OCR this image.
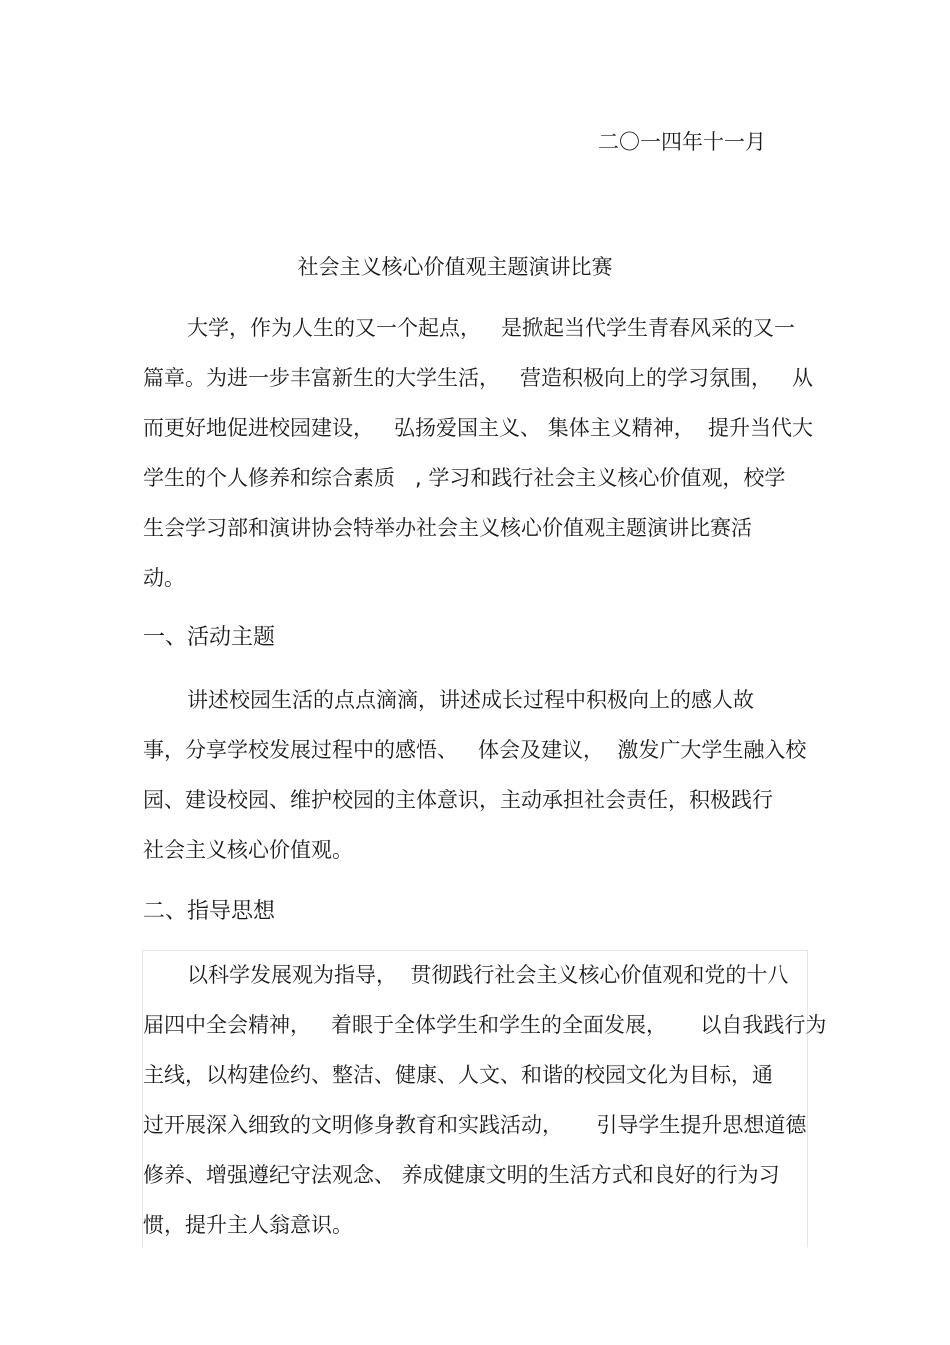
二〇一四年十一月
社会主义核心价值观主题演讲比赛
大学，作为人生的又一个起点，   是掀起当代学生青春风采的又一
篇章。为进一步丰富新生的大学生活，   营造积极向上的学习氛围，   从
而更好地促进校园建设，   弘扬爱国主义、 集体主义精神，  提升当代大
学生的个人修养和综合素质   , 学习和践行社会主义核心价值观，校学
生会学习部和演讲协会特举办社会主义核心价值观主题演讲比赛活
动。
一、活动主题
讲述校园生活的点点滴滴，讲述成长过程中积极向上的感人故
事，分享学校发展过程中的感悟、   体会及建议，  激发广大学生融入校
园、建设校园、维护校园的主体意识，主动承担社会责任，积极践行
社会主义核心价值观。
二、指导思想
以科学发展观为指导，  贯彻践行社会主义核心价值观和党的十八
届四中全会精神，   着眼于全体学生和学生的全面发展，     以自我践行为
主线，以构建俭约、整洁、健康、人文、和谐的校园文化为目标，通
过开展深入细致的文明修身教育和实践活动，     引导学生提升思想道德
修养、增强遵纪守法观念、 养成健康文明的生活方式和良好的行为习
惯，提升主人翁意识。
